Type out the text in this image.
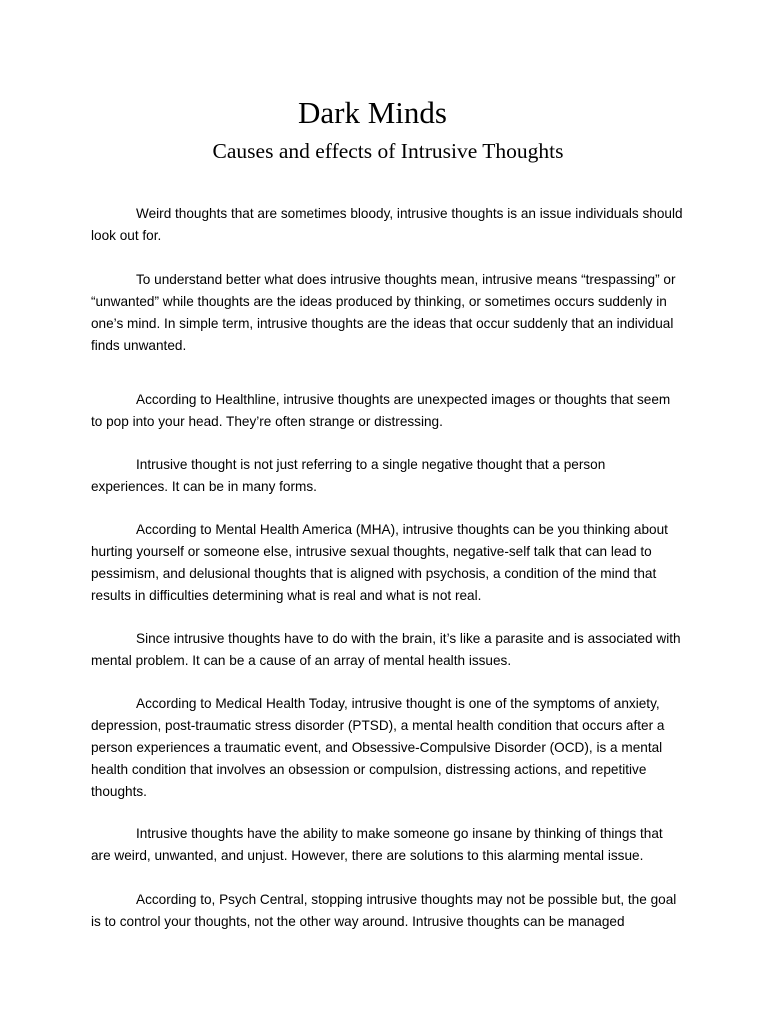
Dark Minds
Causes and effects of Intrusive Thoughts

Weird thoughts that are sometimes bloody, intrusive thoughts is an issue individuals should look out for.

To understand better what does intrusive thoughts mean, intrusive means “trespassing” or “unwanted” while thoughts are the ideas produced by thinking, or sometimes occurs suddenly in one’s mind. In simple term, intrusive thoughts are the ideas that occur suddenly that an individual finds unwanted.

According to Healthline, intrusive thoughts are unexpected images or thoughts that seem to pop into your head. They’re often strange or distressing.

Intrusive thought is not just referring to a single negative thought that a person experiences. It can be in many forms.

According to Mental Health America (MHA), intrusive thoughts can be you thinking about hurting yourself or someone else, intrusive sexual thoughts, negative-self talk that can lead to pessimism, and delusional thoughts that is aligned with psychosis, a condition of the mind that results in difficulties determining what is real and what is not real.

Since intrusive thoughts have to do with the brain, it’s like a parasite and is associated with mental problem. It can be a cause of an array of mental health issues.

According to Medical Health Today, intrusive thought is one of the symptoms of anxiety, depression, post-traumatic stress disorder (PTSD), a mental health condition that occurs after a person experiences a traumatic event, and Obsessive-Compulsive Disorder (OCD), is a mental health condition that involves an obsession or compulsion, distressing actions, and repetitive thoughts.

Intrusive thoughts have the ability to make someone go insane by thinking of things that are weird, unwanted, and unjust. However, there are solutions to this alarming mental issue.

According to, Psych Central, stopping intrusive thoughts may not be possible but, the goal is to control your thoughts, not the other way around. Intrusive thoughts can be managed
